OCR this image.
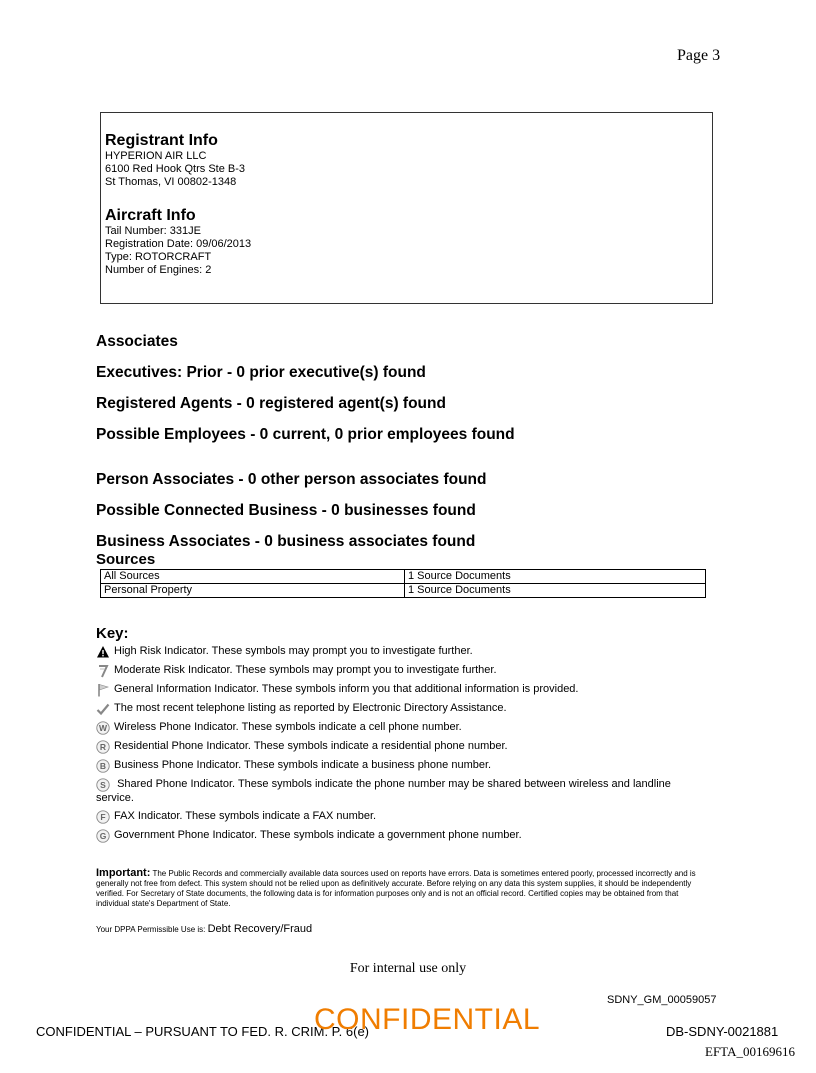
Page 3
Registrant Info
HYPERION AIR LLC
6100 Red Hook Qtrs Ste B-3
St Thomas, VI 00802-1348
Aircraft Info
Tail Number: 331JE
Registration Date: 09/06/2013
Type: ROTORCRAFT
Number of Engines: 2
Associates
Executives: Prior - 0 prior executive(s) found
Registered Agents - 0 registered agent(s) found
Possible Employees - 0 current, 0 prior employees found
Person Associates - 0 other person associates found
Possible Connected Business - 0 businesses found
Business Associates - 0 business associates found
Sources
All Sources	1 Source Documents
Personal Property	1 Source Documents
Key:
High Risk Indicator. These symbols may prompt you to investigate further.
Moderate Risk Indicator. These symbols may prompt you to investigate further.
General Information Indicator. These symbols inform you that additional information is provided.
The most recent telephone listing as reported by Electronic Directory Assistance.
W Wireless Phone Indicator. These symbols indicate a cell phone number.
R Residential Phone Indicator. These symbols indicate a residential phone number.
B Business Phone Indicator. These symbols indicate a business phone number.
S Shared Phone Indicator. These symbols indicate the phone number may be shared between wireless and landline service.
F FAX Indicator. These symbols indicate a FAX number.
G Government Phone Indicator. These symbols indicate a government phone number.
Important: The Public Records and commercially available data sources used on reports have errors. Data is sometimes entered poorly, processed incorrectly and is generally not free from defect. This system should not be relied upon as definitively accurate. Before relying on any data this system supplies, it should be independently verified. For Secretary of State documents, the following data is for information purposes only and is not an official record. Certified copies may be obtained from that individual state's Department of State.
Your DPPA Permissible Use is: Debt Recovery/Fraud
For internal use only
SDNY_GM_00059057
CONFIDENTIAL – PURSUANT TO FED. R. CRIM. P. 6(e)
CONFIDENTIAL	DB-SDNY-0021881
EFTA_00169616
